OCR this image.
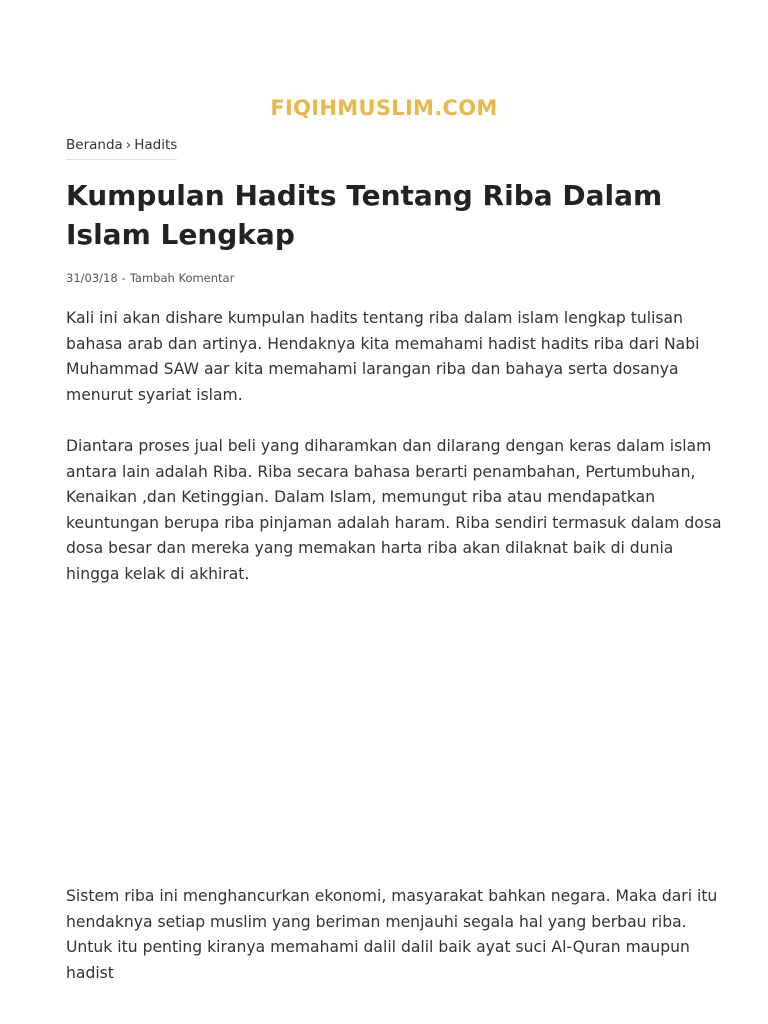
FIQIHMUSLIM.COM
Beranda › Hadits
Kumpulan Hadits Tentang Riba Dalam Islam Lengkap
31/03/18 - Tambah Komentar

Kali ini akan dishare kumpulan hadits tentang riba dalam islam lengkap tulisan bahasa arab dan artinya. Hendaknya kita memahami hadist hadits riba dari Nabi Muhammad SAW aar kita memahami larangan riba dan bahaya serta dosanya menurut syariat islam.

Diantara proses jual beli yang diharamkan dan dilarang dengan keras dalam islam antara lain adalah Riba. Riba secara bahasa berarti penambahan, Pertumbuhan, Kenaikan ,dan Ketinggian. Dalam Islam, memungut riba atau mendapatkan keuntungan berupa riba pinjaman adalah haram. Riba sendiri termasuk dalam dosa dosa besar dan mereka yang memakan harta riba akan dilaknat baik di dunia hingga kelak di akhirat.

Sistem riba ini menghancurkan ekonomi, masyarakat bahkan negara. Maka dari itu hendaknya setiap muslim yang beriman menjauhi segala hal yang berbau riba. Untuk itu penting kiranya memahami dalil dalil baik ayat suci Al-Quran maupun hadist
